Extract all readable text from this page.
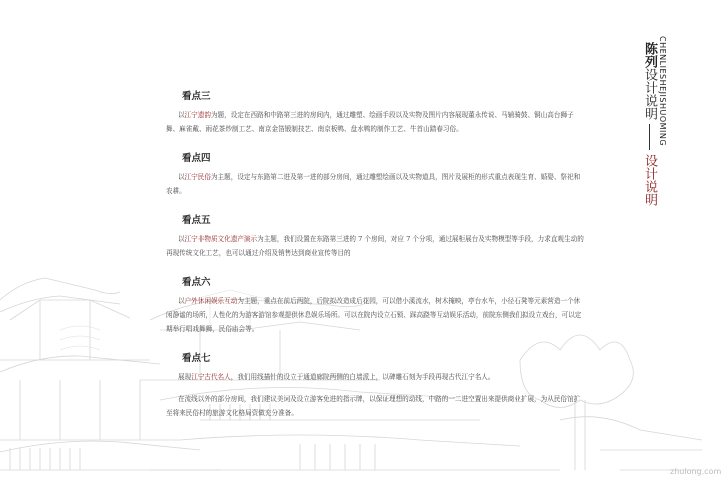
看点三

以江宁遗韵为题，设定在西路和中路第三进的房间内，通过雕塑、绘画手段以及实物及图片内容展现董永传说、马辅骑鼓、铜山高台狮子舞、麻雀戴、雨花茶炒制工艺、南京金箔锻制技艺、南京板鸭、盘水鸭的制作工艺、牛首山踏春习俗。

看点四

以江宁民俗为主题，设定与东路第二进及第一进的部分房间，通过雕塑绘画以及实物道具，图片及展柜的形式重点表现生育、婚娶、祭祀和农耕。

看点五

以江宁非物质文化遗产演示为主题，我们设置在东路第三进的 7 个房间，对应 7 个分项，通过展柜展台及实物模型等手段，力求直观生动的再现传统文化工艺，也可以通过介绍及销售达到商业宣传等目的

看点六

以户外休闲娱乐互动为主题，重点在前后两院，后院拟改造成后花园，可以借小溪流水，树木掩映，亭台水车，小径石凳等元素营造一个休闲静谧的场所，人性化的为游客游馆参观提供休息娱乐场所。可以在院内设立石锁、踩高跷等互动娱乐活动，前院东侧我们拟设立戏台，可以定期举行唱戏舞狮，民俗庙会等。

看点七

展现江宁古代名人，我们用线描针的设立于通道廊院两侧的白墙派上，以碑雕石刻为手段再现古代江宁名人。

在流线以外的部分房间，我们建议美词及设立游客免进的指示牌，以保证理想的动线，中路的一二进空置出来提供商业扩展，为从民俗馆扩至将来民俗村的旅游文化格局资做充分准备。

CHENLIESHEJISHUOMING
陈列设计说明设计说明
zhulong.com
